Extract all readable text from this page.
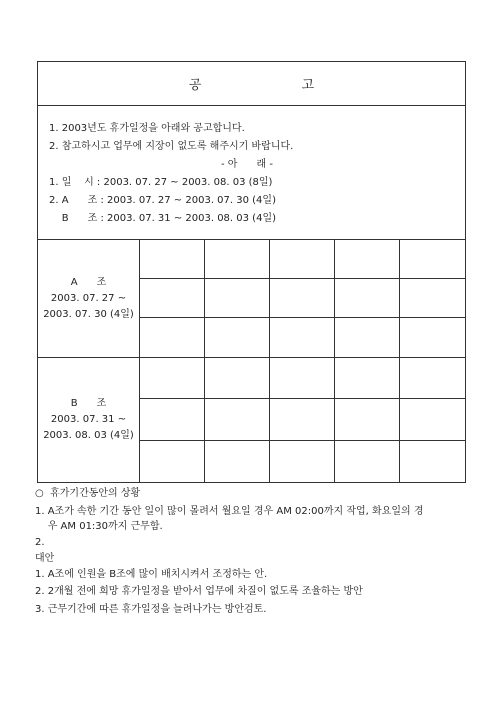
공 고
1. 2003년도 휴가일정을 아래와 공고합니다.
2. 참고하시고 업무에 지장이 없도록 해주시기 바랍니다.
- 아      래 -
1. 일    시 : 2003. 07. 27 ~ 2003. 08. 03 (8일)
2. A      조 : 2003. 07. 27 ~ 2003. 07. 30 (4일)
B      조 : 2003. 07. 31 ~ 2003. 08. 03 (4일)
A      조
2003. 07. 27 ~
2003. 07. 30 (4일)
B      조
2003. 07. 31 ~
2003. 08. 03 (4일)
○  휴가기간동안의 상황
1. A조가 속한 기간 동안 일이 많이 몰려서 월요일 경우 AM 02:00까지 작업, 화요일의 경
우 AM 01:30까지 근무함.
2.
대안
1. A조에 인원을 B조에 많이 배치시켜서 조정하는 안.
2. 2개월 전에 희망 휴가일정을 받아서 업무에 차질이 없도록 조율하는 방안
3. 근무기간에 따른 휴가일정을 늘려나가는 방안검토.
